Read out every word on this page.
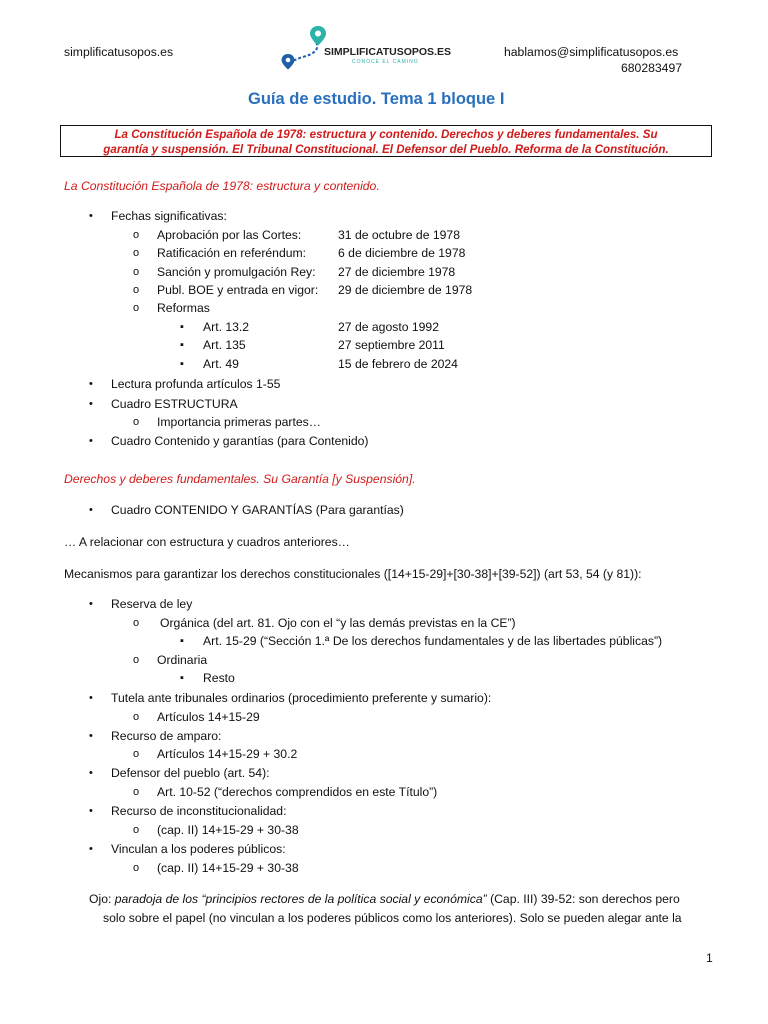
simplificatusopos.es	SIMPLIFICATUSOPOS.ES
CONOCE EL CAMINO
hablamos@simplificatusopos.es
680283497
Guía de estudio. Tema 1 bloque I
La Constitución Española de 1978: estructura y contenido. Derechos y deberes fundamentales. Su
garantía y suspensión. El Tribunal Constitucional. El Defensor del Pueblo. Reforma de la Constitución.
La Constitución Española de 1978: estructura y contenido.
•
Fechas significativas:
o
Aprobación por las Cortes:	31 de octubre de 1978
o
Ratificación en referéndum:	6 de diciembre de 1978
o
Sanción y promulgación Rey: 27 de diciembre 1978
o
Publ. BOE y entrada en vigor: 29 de diciembre de 1978
o
Reformas
▪
Art. 13.2	27 de agosto 1992
▪
Art. 135	27 septiembre 2011
▪
Art. 49	15 de febrero de 2024
•
Lectura profunda artículos 1-55
•
Cuadro ESTRUCTURA
o
Importancia primeras partes…
•
Cuadro Contenido y garantías (para Contenido)
Derechos y deberes fundamentales. Su Garantía [y Suspensión].
•
Cuadro CONTENIDO Y GARANTÍAS (Para garantías)
… A relacionar con estructura y cuadros anteriores…
Mecanismos para garantizar los derechos constitucionales ([14+15-29]+[30-38]+[39-52]) (art 53, 54 (y 81)):
•
Reserva de ley
o
Orgánica (del art. 81. Ojo con el “y las demás previstas en la CE”)
▪
Art. 15-29 (“Sección 1.ª De los derechos fundamentales y de las libertades públicas”)
o
Ordinaria
▪
Resto
•
Tutela ante tribunales ordinarios (procedimiento preferente y sumario):
o
Artículos 14+15-29
•
Recurso de amparo:
o
Artículos 14+15-29 + 30.2
•
Defensor del pueblo (art. 54):
o
Art. 10-52 (“derechos comprendidos en este Título”)
•
Recurso de inconstitucionalidad:
o
(cap. II) 14+15-29 + 30-38
•
Vinculan a los poderes públicos:
o
(cap. II) 14+15-29 + 30-38
Ojo: paradoja de los “principios rectores de la política social y económica” (Cap. III) 39-52: son derechos pero
solo sobre el papel (no vinculan a los poderes públicos como los anteriores). Solo se pueden alegar ante la
1
